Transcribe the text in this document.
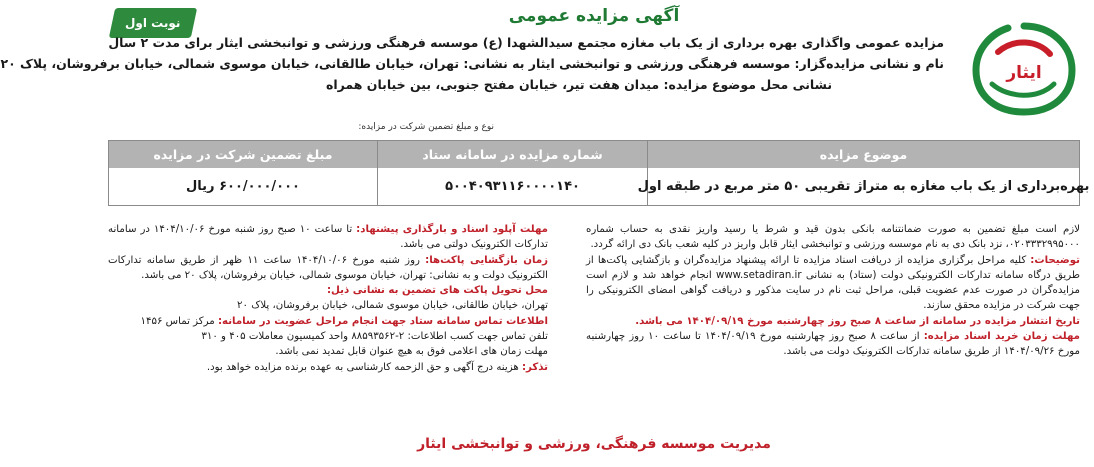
نوبت اول	آگهی مزایده عمومی
مزایده عمومی واگذاری بهره برداری از یک باب مغازه مجتمع سیدالشهدا (ع) موسسه فرهنگی ورزشی و توانبخشی ایثار برای مدت ۲ سال
نام و نشانی مزایده‌گزار: موسسه فرهنگی ورزشی و توانبخشی ایثار به نشانی: تهران، خیابان طالقانی، خیابان موسوی شمالی، خیابان برفروشان، پلاک ۲۰
نشانی محل موضوع مزایده: میدان هفت تیر، خیابان مفتح جنوبی، بین خیابان همراه
ایثار
نوع و مبلغ تضمین شرکت در مزایده:
موضوع مزایده
شماره مزایده در سامانه ستاد
مبلغ تضمین شرکت در مزایده
بهره‌برداری از یک باب مغازه به متراژ تقریبی ۵۰ متر مربع در طبقه اول
۵۰۰۴۰۹۳۱۱۶۰۰۰۰۱۴۰
۶۰۰/۰۰۰/۰۰۰ ریال

لازم است مبلغ تضمین به صورت ضمانتنامه بانکی بدون قید و شرط یا رسید واریز نقدی به حساب شماره ۰۲۰۳۳۳۲۹۹۵۰۰۰، نزد بانک دی به نام موسسه ورزشی و توانبخشی ایثار قابل واریز در کلیه شعب بانک دی ارائه گردد.

توضیحات: کلیه مراحل برگزاری مزایده از دریافت اسناد مزایده تا ارائه پیشنهاد مزایده‌گران و بازگشایی پاکت‌ها از طریق درگاه سامانه تدارکات الکترونیکی دولت (ستاد) به نشانی www.setadiran.ir انجام خواهد شد و لازم است مزایده‌گران در صورت عدم عضویت قبلی، مراحل ثبت نام در سایت مذکور و دریافت گواهی امضای الکترونیکی را جهت شرکت در مزایده محقق سازند.

تاریخ انتشار مزایده در سامانه از ساعت ۸ صبح روز چهارشنبه مورخ ۱۴۰۴/۰۹/۱۹ می باشد.

مهلت زمان خرید اسناد مزایده: از ساعت ۸ صبح روز چهارشنبه مورخ ۱۴۰۴/۰۹/۱۹ تا ساعت ۱۰ روز چهارشنبه مورخ ۱۴۰۴/۰۹/۲۶ از طریق سامانه تدارکات الکترونیک دولت می باشد.

مهلت آپلود اسناد و بارگذاری پیشنهاد: تا ساعت ۱۰ صبح روز شنبه مورخ ۱۴۰۴/۱۰/۰۶ در سامانه تدارکات الکترونیک دولتی می باشد.

زمان بازگشایی پاکت‌ها: روز شنبه مورخ ۱۴۰۴/۱۰/۰۶ ساعت ۱۱ ظهر از طریق سامانه تدارکات الکترونیک دولت و به نشانی: تهران، خیابان موسوی شمالی، خیابان برفروشان، پلاک ۲۰ می باشد.

محل تحویل پاکت های تضمین به نشانی ذیل:

تهران، خیابان طالقانی، خیابان موسوی شمالی، خیابان برفروشان، پلاک ۲۰

اطلاعات تماس سامانه ستاد جهت انجام مراحل عضویت در سامانه: مرکز تماس ۱۴۵۶

تلفن تماس جهت کسب اطلاعات: ۲-۸۸۵۹۳۵۶۲ واحد کمیسیون معاملات ۴۰۵ و ۳۱۰

مهلت زمان های اعلامی فوق به هیچ عنوان قابل تمدید نمی باشد.

تذکر: هزینه درج آگهی و حق الزحمه کارشناسی به عهده برنده مزایده خواهد بود.

مدیریت موسسه فرهنگی، ورزشی و توانبخشی ایثار
